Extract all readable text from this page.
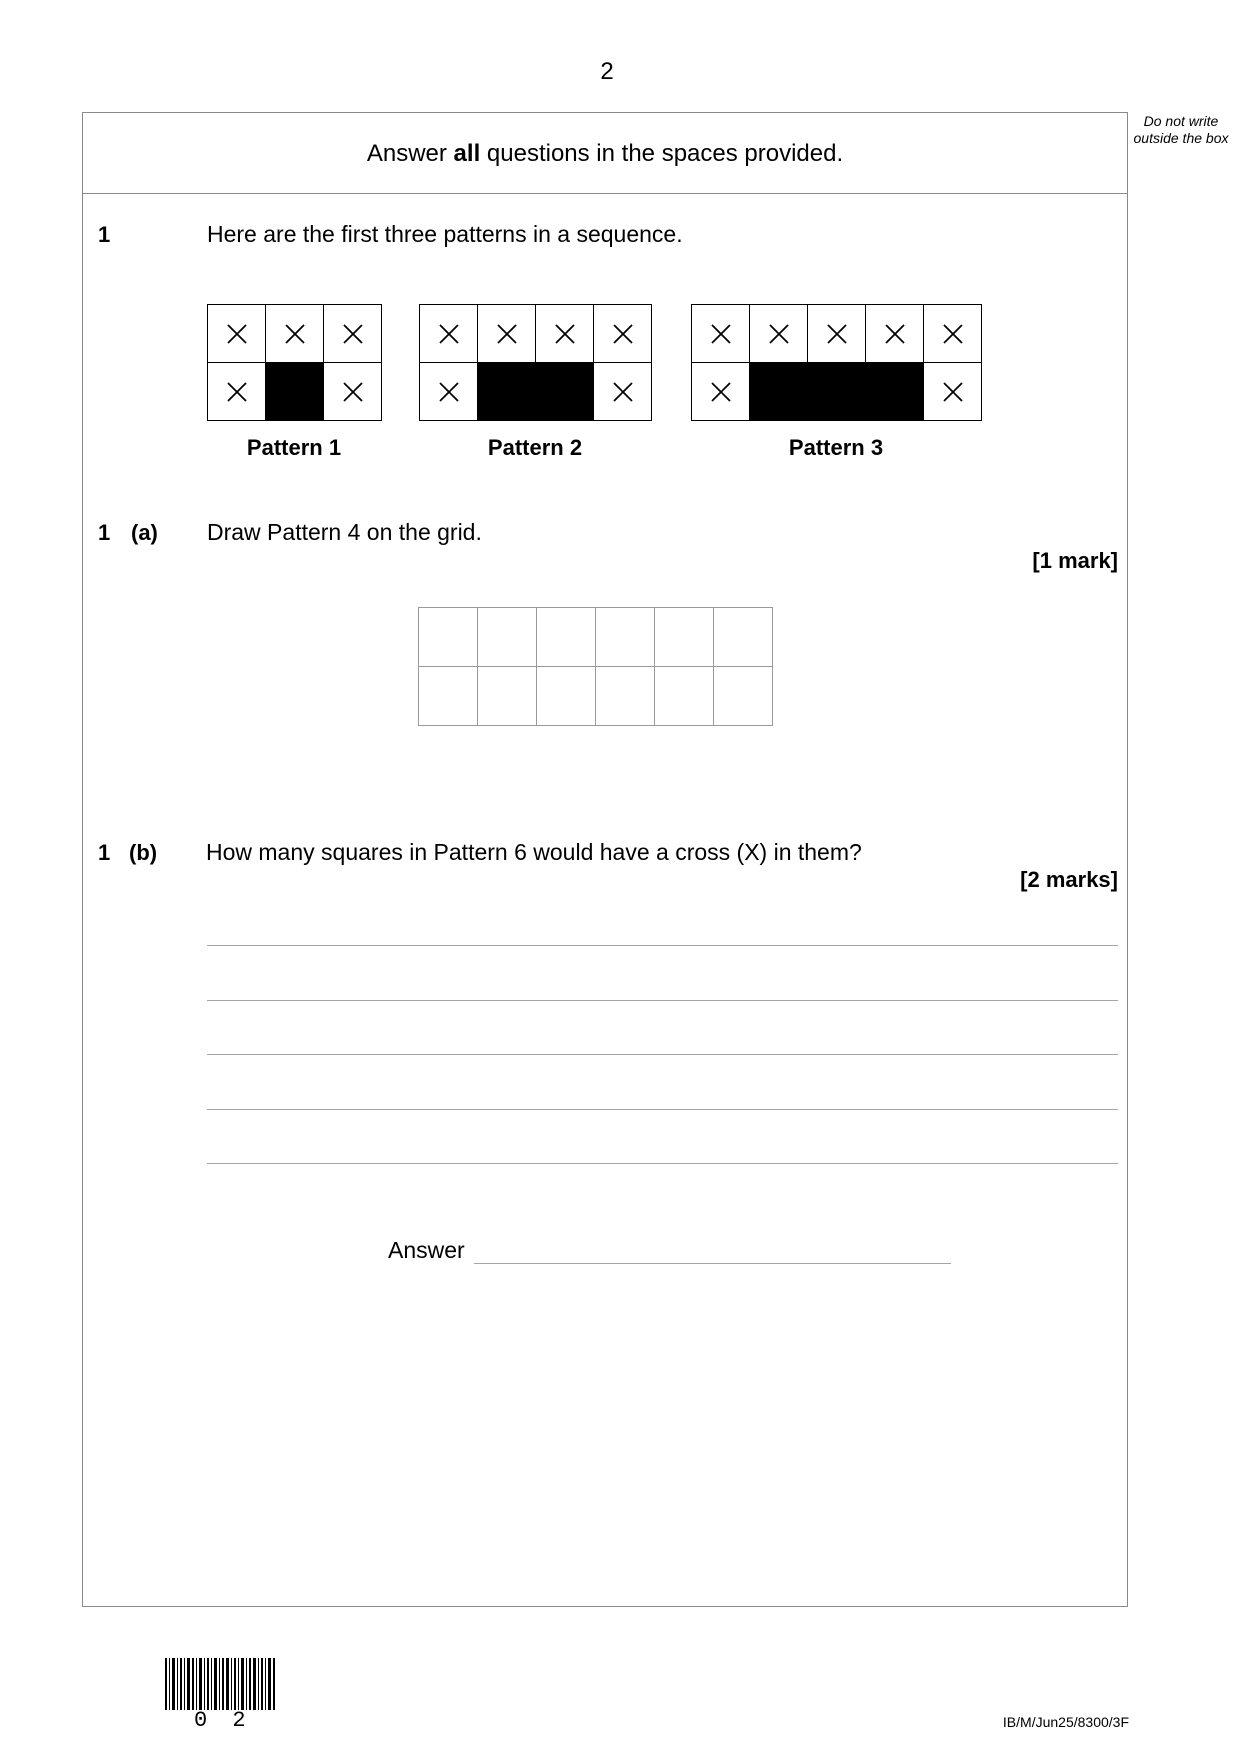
2
Do not write outside the box
Answer all questions in the spaces provided.
1	Here are the first three patterns in a sequence.

Pattern 1

				Pattern 2

					Pattern 3
1 (a) Draw Pattern 4 on the grid.
[1 mark]

1 (b) How many squares in Pattern 6 would have a cross (X) in them?
[2 marks]
Answer
0 2	IB/M/Jun25/8300/3F
